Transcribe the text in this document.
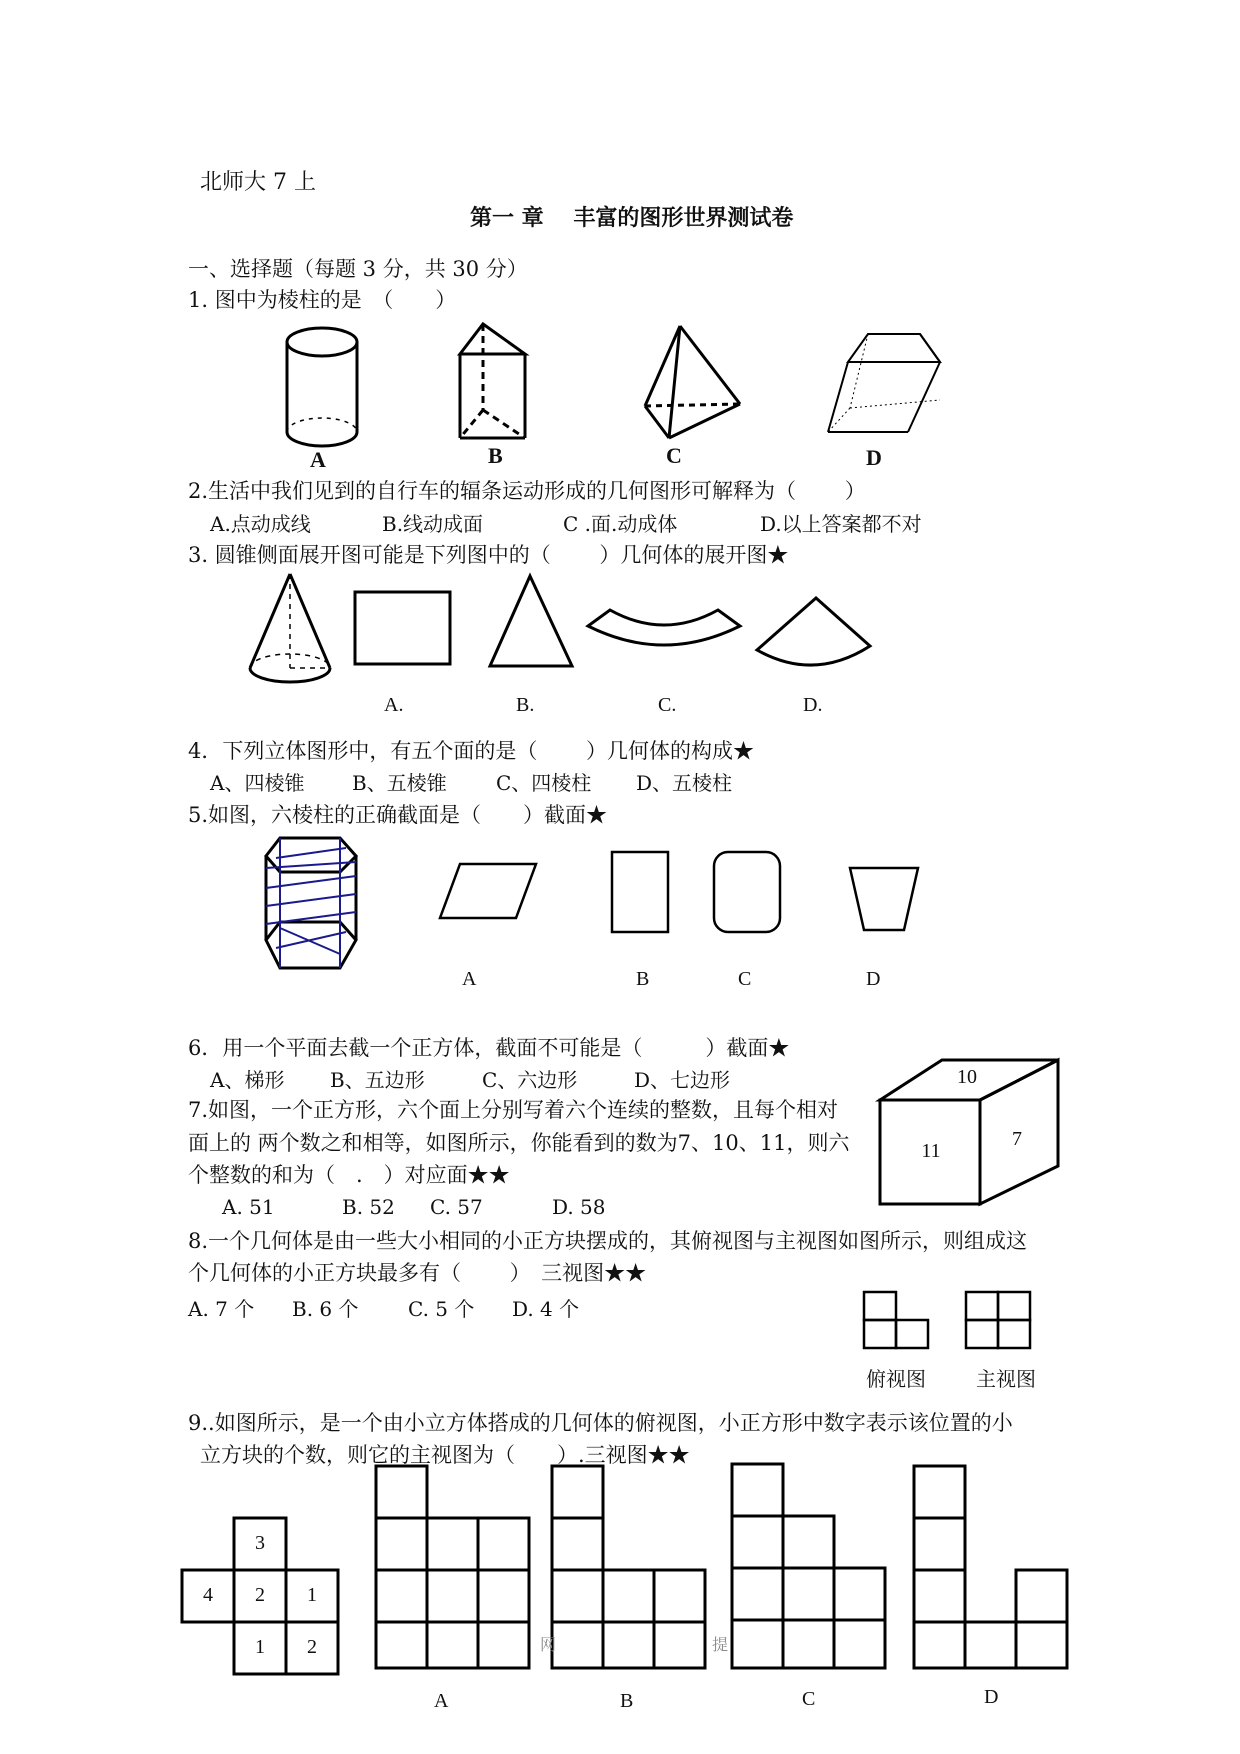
北师大 7 上
第一 章　 丰富的图形世界测试卷
一、选择题（每题 3 分，共 30 分）
1. 图中为棱柱的是　（　　）
A	B	C	D
2.生活中我们见到的自行车的辐条运动形成的几何图形可解释为（　　 ）
A.点动成线	B.线动成面	C .面.动成体	D.以上答案都不对
3. 圆锥侧面展开图可能是下列图中的（　　 ）几何体的展开图★
A.	B.	C.	D.
4．下列立体图形中，有五个面的是（　　 ）几何体的构成★
A、四棱锥 B、五棱锥 C、四棱柱 D、五棱柱
5.如图，六棱柱的正确截面是（　　）截面★
A	B	C	D
6．用一个平面去截一个正方体，截面不可能是（　　　）截面★
A、梯形 B、五边形	C、六边形	D、七边形	10
11
7
7.如图，一个正方形，六个面上分别写着六个连续的整数，且每个相对
面上的 两个数之和相等，如图所示，你能看到的数为7、10、11，则六
个整数的和为（　.　）对应面★★
A. 51	B. 52 C. 57	D. 58
8.一个几何体是由一些大小相同的小正方块摆成的，其俯视图与主视图如图所示，则组成这
个几何体的小正方块最多有（　　 ）　三视图★★
A. 7 个 B. 6 个 C. 5 个 D. 4 个
俯视图	主视图
9..如图所示，是一个由小立方体搭成的几何体的俯视图，小正方形中数字表示该位置的小
立方块的个数，则它的主视图为（　　）.三视图★★
3
4	2	1
1	2	网	提
A	B	C	D
